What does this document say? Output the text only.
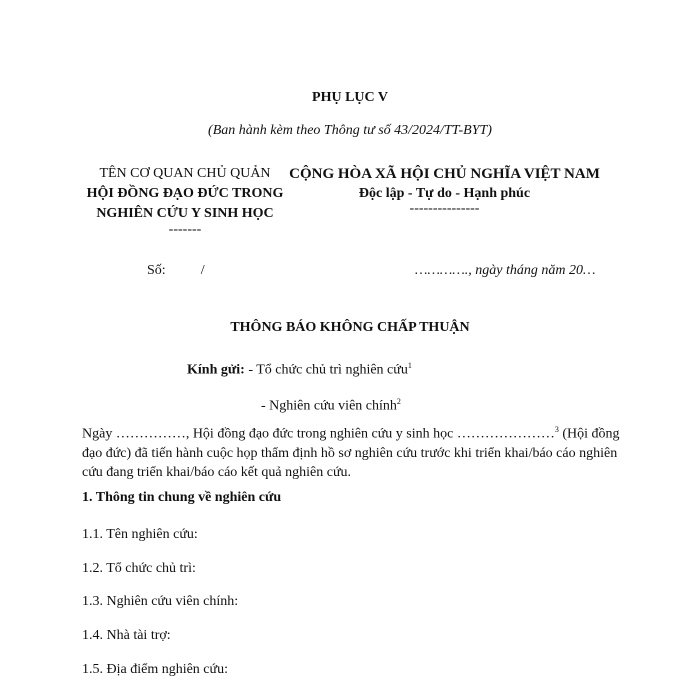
PHỤ LỤC V
(Ban hành kèm theo Thông tư số 43/2024/TT-BYT)
TÊN CƠ QUAN CHỦ QUẢN
HỘI ĐỒNG ĐẠO ĐỨC TRONG NGHIÊN CỨU Y SINH HỌC
-------
CỘNG HÒA XÃ HỘI CHỦ NGHĨA VIỆT NAM
Độc lập - Tự do - Hạnh phúc
---------------
Số:	/	…………., ngày tháng năm 20…
THÔNG BÁO KHÔNG CHẤP THUẬN
Kính gửi: - Tổ chức chủ trì nghiên cứu$^1$
- Nghiên cứu viên chính$^2$
Ngày ……………, Hội đồng đạo đức trong nghiên cứu y sinh học …………………$^3$ (Hội đồng đạo đức) đã tiến hành cuộc họp thẩm định hồ sơ nghiên cứu trước khi triển khai/báo cáo nghiên cứu đang triển khai/báo cáo kết quả nghiên cứu.
1. Thông tin chung về nghiên cứu
1.1. Tên nghiên cứu:
1.2. Tổ chức chủ trì:
1.3. Nghiên cứu viên chính:
1.4. Nhà tài trợ:
1.5. Địa điểm nghiên cứu:
